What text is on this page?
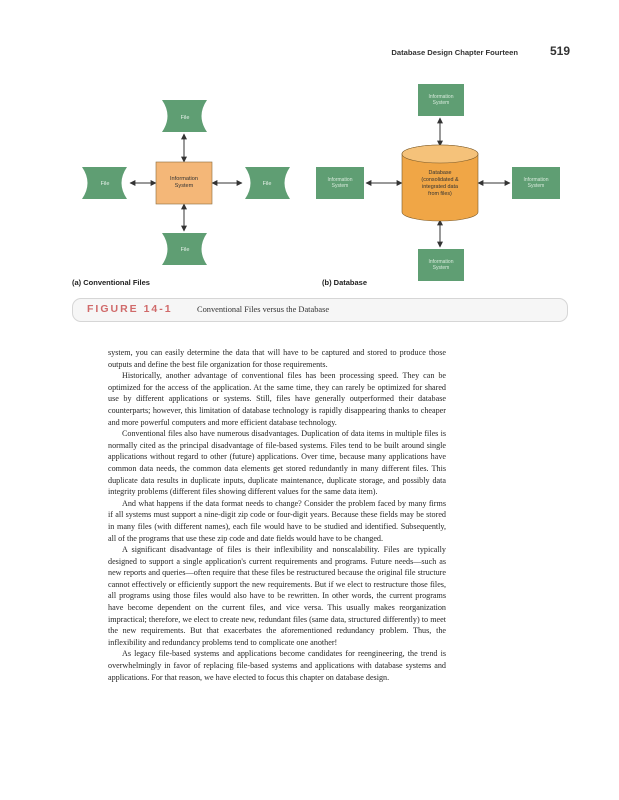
Database Design Chapter Fourteen	519
File
File	File
File
Information System
Information System
Information System
Information System
Information System
Database (consolidated & integrated data from files)
(a) Conventional Files	(b) Database
FIGURE 14-1	Conventional Files versus the Database

system, you can easily determine the data that will have to be captured and stored to produce those outputs and define the best file organization for those requirements.

Historically, another advantage of conventional files has been processing speed. They can be optimized for the access of the application. At the same time, they can rarely be optimized for shared use by different applications or systems. Still, files have generally outperformed their database counterparts; however, this limitation of database technology is rapidly disappearing thanks to cheaper and more powerful computers and more efficient database technology.

Conventional files also have numerous disadvantages. Duplication of data items in multiple files is normally cited as the principal disadvantage of file-based systems. Files tend to be built around single applications without regard to other (future) applications. Over time, because many applications have common data needs, the common data elements get stored redundantly in many different files. This duplicate data results in duplicate inputs, duplicate maintenance, duplicate storage, and possibly data integrity problems (different files showing different values for the same data item).

And what happens if the data format needs to change? Consider the problem faced by many firms if all systems must support a nine-digit zip code or four-digit years. Because these fields may be stored in many files (with different names), each file would have to be studied and identified. Subsequently, all of the programs that use these zip code and date fields would have to be changed.

A significant disadvantage of files is their inflexibility and nonscalability. Files are typically designed to support a single application's current requirements and programs. Future needs—such as new reports and queries—often require that these files be restructured because the original file structure cannot effectively or efficiently support the new requirements. But if we elect to restructure those files, all programs using those files would also have to be rewritten. In other words, the current programs have become dependent on the current files, and vice versa. This usually makes reorganization impractical; therefore, we elect to create new, redundant files (same data, structured differently) to meet the new requirements. But that exacerbates the aforementioned redundancy problem. Thus, the inflexibility and redundancy problems tend to complicate one another!

As legacy file-based systems and applications become candidates for reengineering, the trend is overwhelmingly in favor of replacing file-based systems and applications with database systems and applications. For that reason, we have elected to focus this chapter on database design.
